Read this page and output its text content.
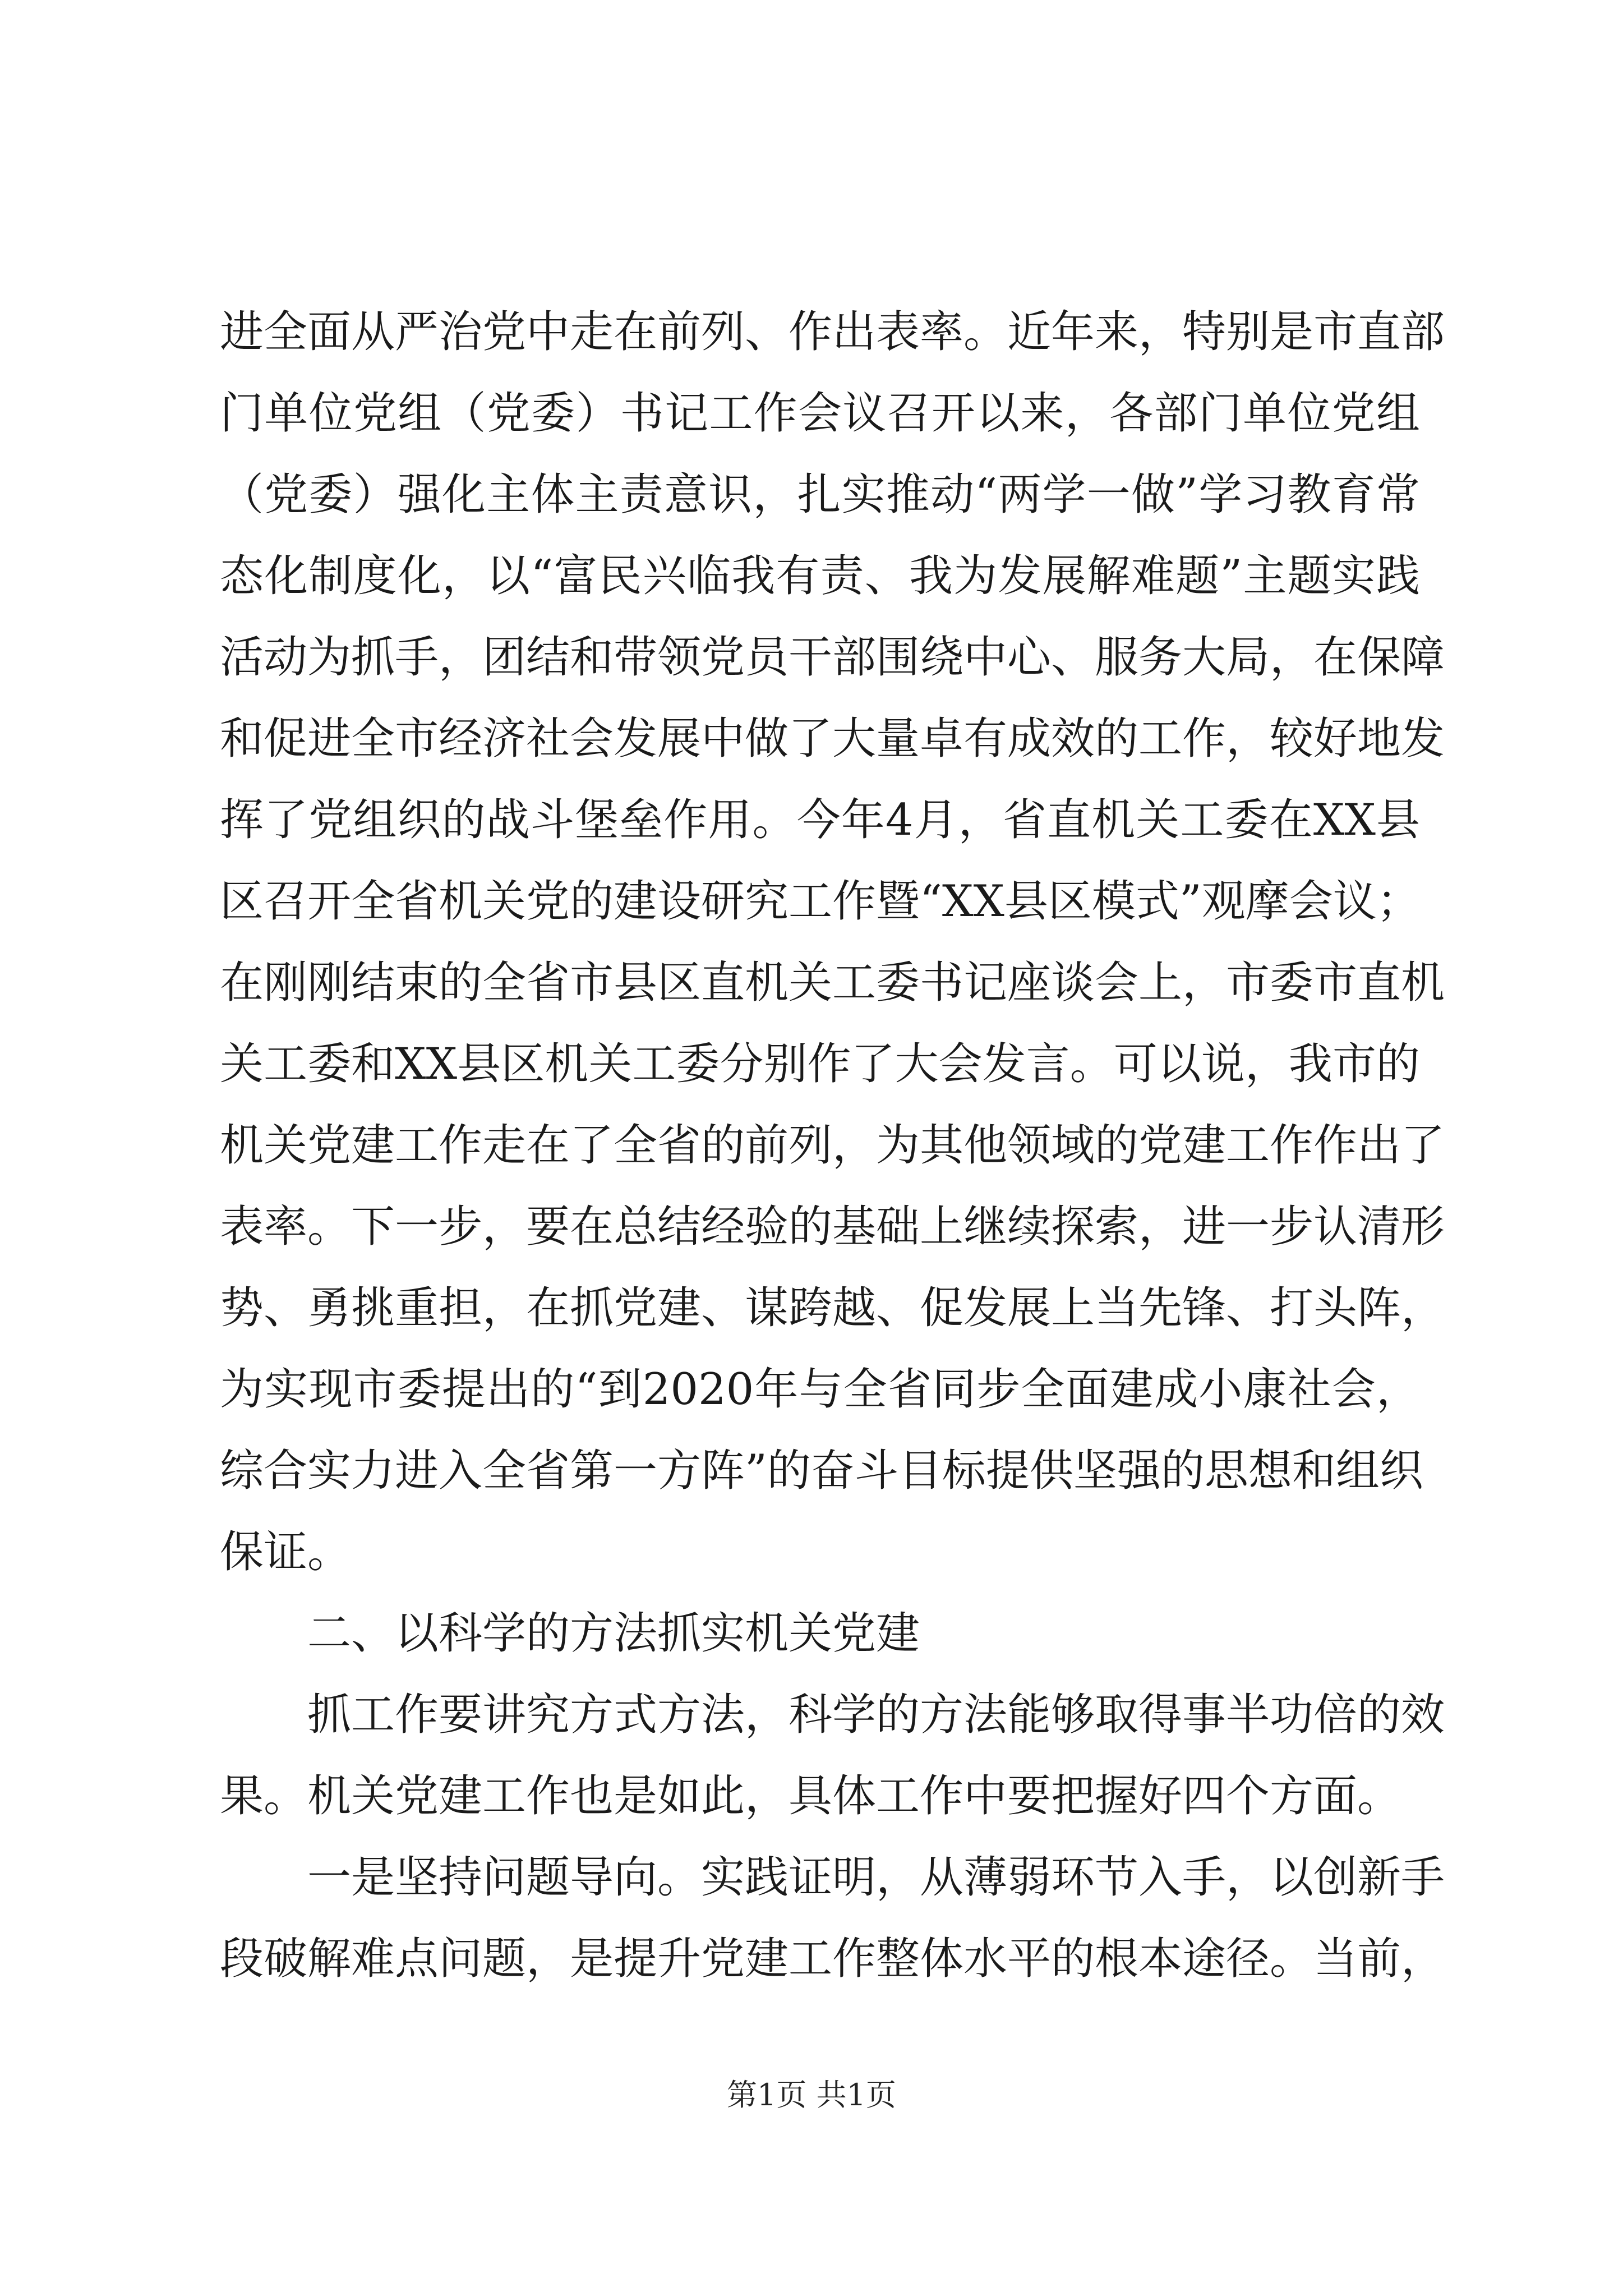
进全面从严治党中走在前列、作出表率。近年来，特别是市直部
门单位党组（党委）书记工作会议召开以来，各部门单位党组
（党委）强化主体主责意识，扎实推动“两学一做”学习教育常
态化制度化，以“富民兴临我有责、我为发展解难题”主题实践
活动为抓手，团结和带领党员干部围绕中心、服务大局，在保障
和促进全市经济社会发展中做了大量卓有成效的工作，较好地发
挥了党组织的战斗堡垒作用。今年4月，省直机关工委在XX县
区召开全省机关党的建设研究工作暨“XX县区模式”观摩会议；
在刚刚结束的全省市县区直机关工委书记座谈会上，市委市直机
关工委和XX县区机关工委分别作了大会发言。可以说，我市的
机关党建工作走在了全省的前列，为其他领域的党建工作作出了
表率。下一步，要在总结经验的基础上继续探索，进一步认清形
势、勇挑重担，在抓党建、谋跨越、促发展上当先锋、打头阵，
为实现市委提出的“到2020年与全省同步全面建成小康社会，
综合实力进入全省第一方阵”的奋斗目标提供坚强的思想和组织
保证。
二、以科学的方法抓实机关党建
抓工作要讲究方式方法，科学的方法能够取得事半功倍的效
果。机关党建工作也是如此，具体工作中要把握好四个方面。
一是坚持问题导向。实践证明，从薄弱环节入手，以创新手
段破解难点问题，是提升党建工作整体水平的根本途径。当前，
第1页 共1页
